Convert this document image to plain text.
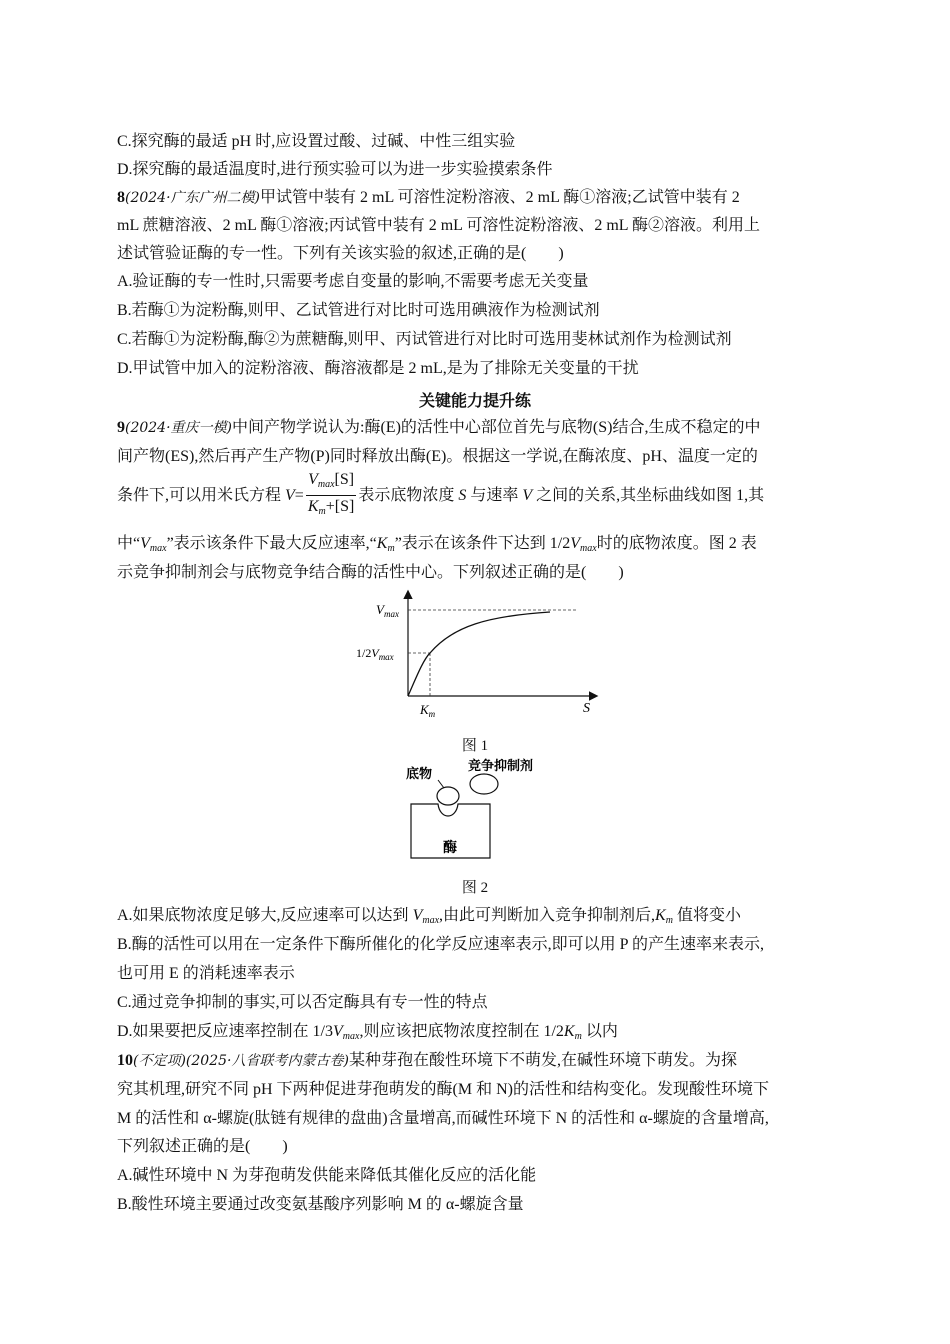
C.探究酶的最适 pH 时,应设置过酸、过碱、中性三组实验
D.探究酶的最适温度时,进行预实验可以为进一步实验摸索条件
8(2024·广东广州二模)甲试管中装有 2 mL 可溶性淀粉溶液、2 mL 酶①溶液;乙试管中装有 2
mL 蔗糖溶液、2 mL 酶①溶液;丙试管中装有 2 mL 可溶性淀粉溶液、2 mL 酶②溶液。利用上
述试管验证酶的专一性。下列有关该实验的叙述,正确的是(　　)
A.验证酶的专一性时,只需要考虑自变量的影响,不需要考虑无关变量
B.若酶①为淀粉酶,则甲、乙试管进行对比时可选用碘液作为检测试剂
C.若酶①为淀粉酶,酶②为蔗糖酶,则甲、丙试管进行对比时可选用斐林试剂作为检测试剂
D.甲试管中加入的淀粉溶液、酶溶液都是 2 mL,是为了排除无关变量的干扰
关键能力提升练
9(2024·重庆一模)中间产物学说认为:酶(E)的活性中心部位首先与底物(S)结合,生成不稳定的中
间产物(ES),然后再产生产物(P)同时释放出酶(E)。根据这一学说,在酶浓度、pH、温度一定的
条件下,可以用米氏方程 $V= \frac{V_{max}[S]}{K_m+[S]}$ 表示底物浓度 S 与速率 V 之间的关系,其坐标曲线如图 1,其
中“$V_{max}$”表示该条件下最大反应速率$,“K_m$”表示在该条件下达到 $1/2V_{max}$时的底物浓度。图 2 表
示竞争抑制剂会与底物竞争结合酶的活性中心。下列叙述正确的是(　　)
$V_{max}$
$1/2V_{max}$
$K_m$	S
图 1
底物
竞争抑制剂
酶
图 2
A.如果底物浓度足够大,反应速率可以达到 $V_{max}$,由此可判断加入竞争抑制剂后$,K_m$ 值将变小
B.酶的活性可以用在一定条件下酶所催化的化学反应速率表示,即可以用 P 的产生速率来表示,
也可用 E 的消耗速率表示
C.通过竞争抑制的事实,可以否定酶具有专一性的特点
D.如果要把反应速率控制在 $1/3V_{max}$,则应该把底物浓度控制在 $1/2K_m$ 以内
10(不定项)(2025·八省联考内蒙古卷)某种芽孢在酸性环境下不萌发,在碱性环境下萌发。为探
究其机理,研究不同 pH 下两种促进芽孢萌发的酶(M 和 N)的活性和结构变化。发现酸性环境下
M 的活性和 α-螺旋(肽链有规律的盘曲)含量增高,而碱性环境下 N 的活性和 α-螺旋的含量增高,
下列叙述正确的是(　　)
A.碱性环境中 N 为芽孢萌发供能来降低其催化反应的活化能
B.酸性环境主要通过改变氨基酸序列影响 M 的 α-螺旋含量
